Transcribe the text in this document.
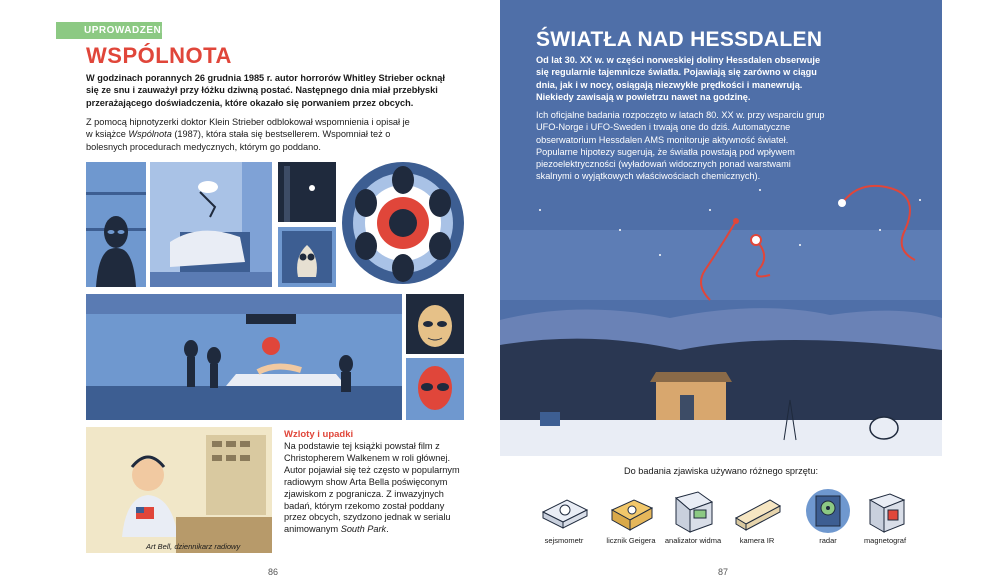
UPROWADZENIA
WSPÓLNOTA
W godzinach porannych 26 grudnia 1985 r. autor horrorów Whitley Strieber ocknął się ze snu i zauważył przy łóżku dziwną postać. Następnego dnia miał przebłyski przerażającego doświadczenia, które okazało się porwaniem przez obcych.
Z pomocą hipnotyzerki doktor Klein Strieber odblokował wspomnienia i opisał je w książce Wspólnota (1987), która stała się bestsellerem. Wspomniał też o bolesnych procedurach medycznych, którym go poddano.
Art Bell, dziennikarz radiowy
Wzloty i upadki
Na podstawie tej książki powstał film z Christopherem Walkenem w roli głównej. Autor pojawiał się też często w popularnym radiowym show Arta Bella poświęconym zjawiskom z pogranicza. Z inwazyjnych badań, którym rzekomo został poddany przez obcych, szydzono jednak w serialu animowanym South Park.
86
ŚWIATŁA NAD HESSDALEN
Od lat 30. XX w. w części norweskiej doliny Hessdalen obserwuje się regularnie tajemnicze światła. Pojawiają się zarówno w ciągu dnia, jak i w nocy, osiągają niezwykłe prędkości i manewrują. Niekiedy zawisają w powietrzu nawet na godzinę.
Ich oficjalne badania rozpoczęto w latach 80. XX w. przy wsparciu grup UFO-Norge i UFO-Sweden i trwają one do dziś. Automatyczne obserwatorium Hessdalen AMS monitoruje aktywność świateł. Popularne hipotezy sugerują, że światła powstają pod wpływem piezoelektryczności (wyładowań widocznych ponad warstwami skalnymi o wyjątkowych właściwościach chemicznych).
Do badania zjawiska używano różnego sprzętu:
sejsmometr	licznik Geigera	analizator widma	kamera IR	radar	magnetograf
87
